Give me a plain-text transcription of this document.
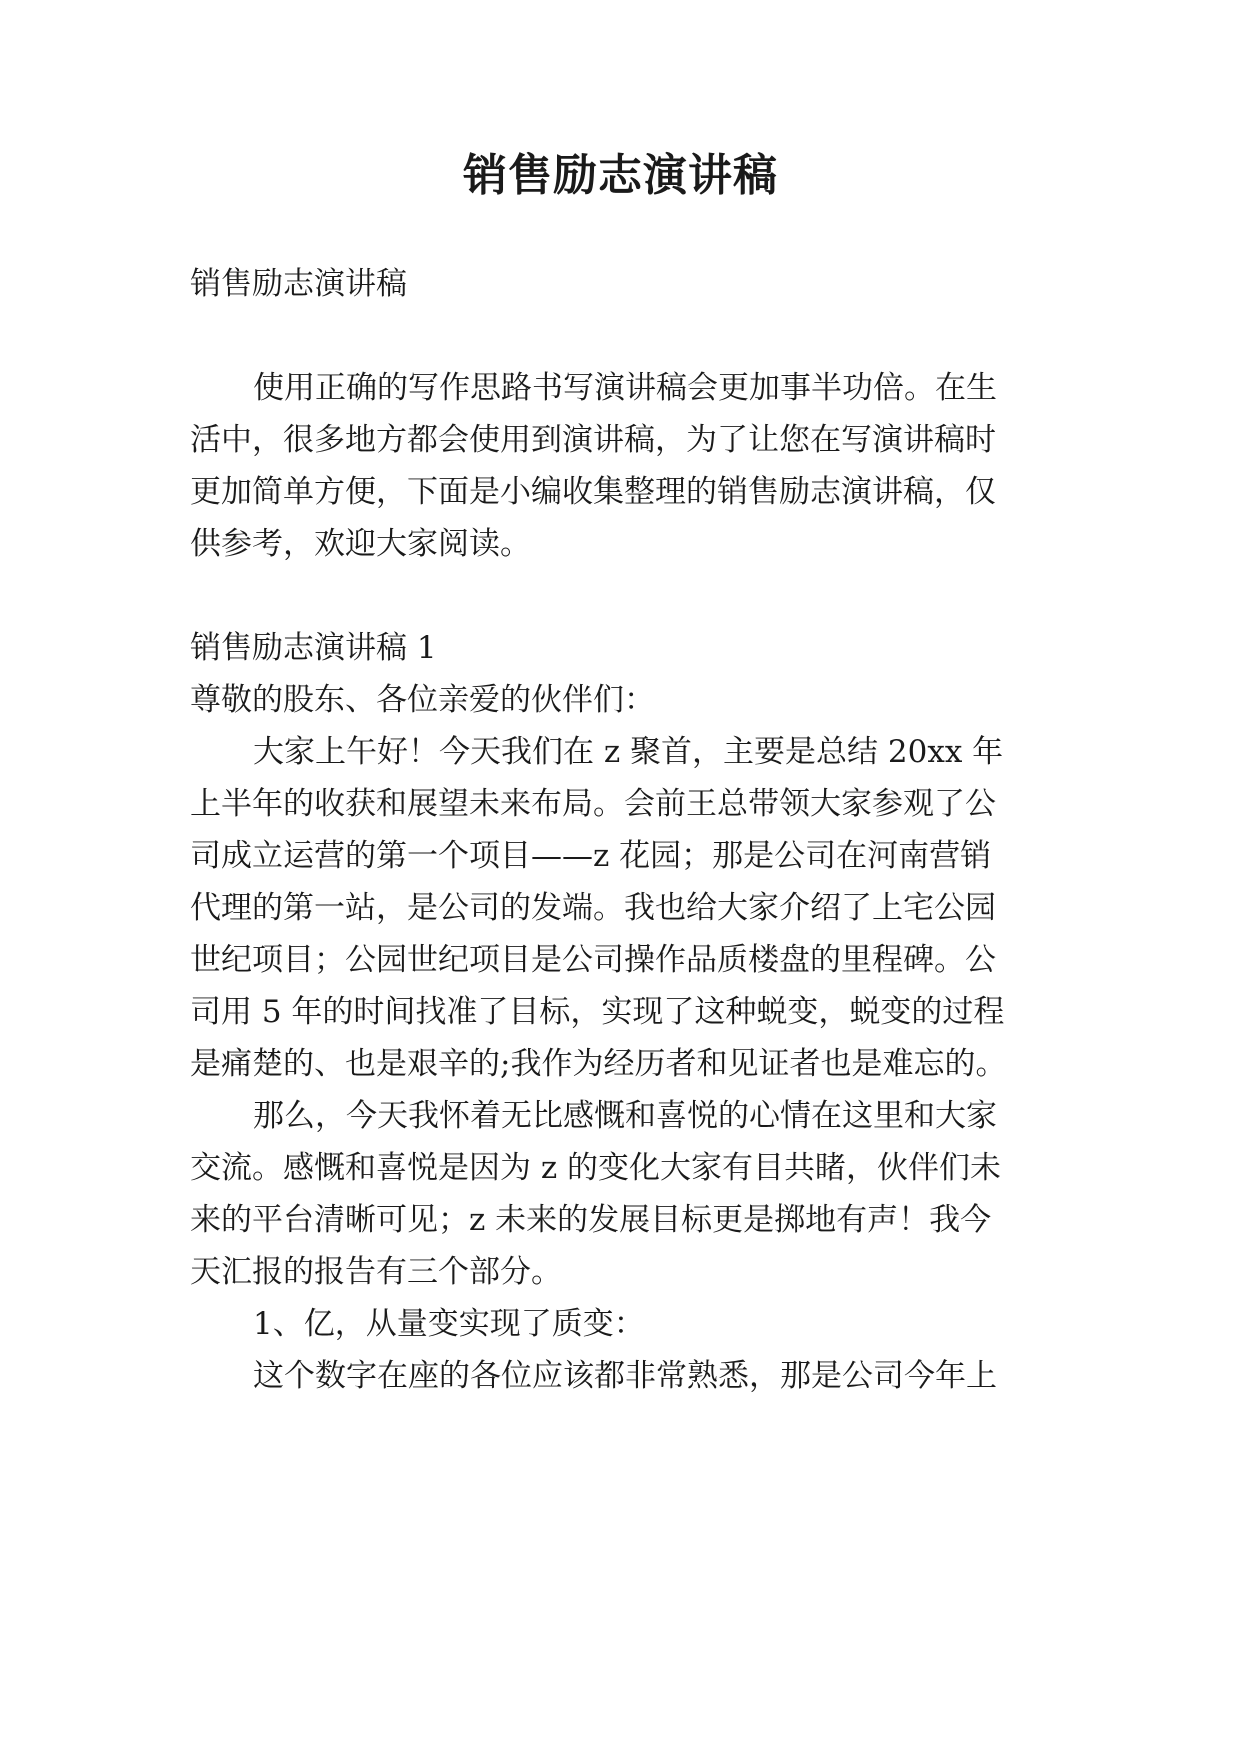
销售励志演讲稿
销售励志演讲稿
使用正确的写作思路书写演讲稿会更加事半功倍。在生
活中，很多地方都会使用到演讲稿，为了让您在写演讲稿时
更加简单方便，下面是小编收集整理的销售励志演讲稿，仅
供参考，欢迎大家阅读。
销售励志演讲稿 1
尊敬的股东、各位亲爱的伙伴们：
大家上午好！今天我们在 z 聚首，主要是总结 20xx 年
上半年的收获和展望未来布局。会前王总带领大家参观了公
司成立运营的第一个项目——z 花园；那是公司在河南营销
代理的第一站，是公司的发端。我也给大家介绍了上宅公园
世纪项目；公园世纪项目是公司操作品质楼盘的里程碑。公
司用 5 年的时间找准了目标，实现了这种蜕变，蜕变的过程
是痛楚的、也是艰辛的;我作为经历者和见证者也是难忘的。
那么，今天我怀着无比感慨和喜悦的心情在这里和大家
交流。感慨和喜悦是因为 z 的变化大家有目共睹，伙伴们未
来的平台清晰可见；z 未来的发展目标更是掷地有声！我今
天汇报的报告有三个部分。
1、亿，从量变实现了质变：
这个数字在座的各位应该都非常熟悉，那是公司今年上
